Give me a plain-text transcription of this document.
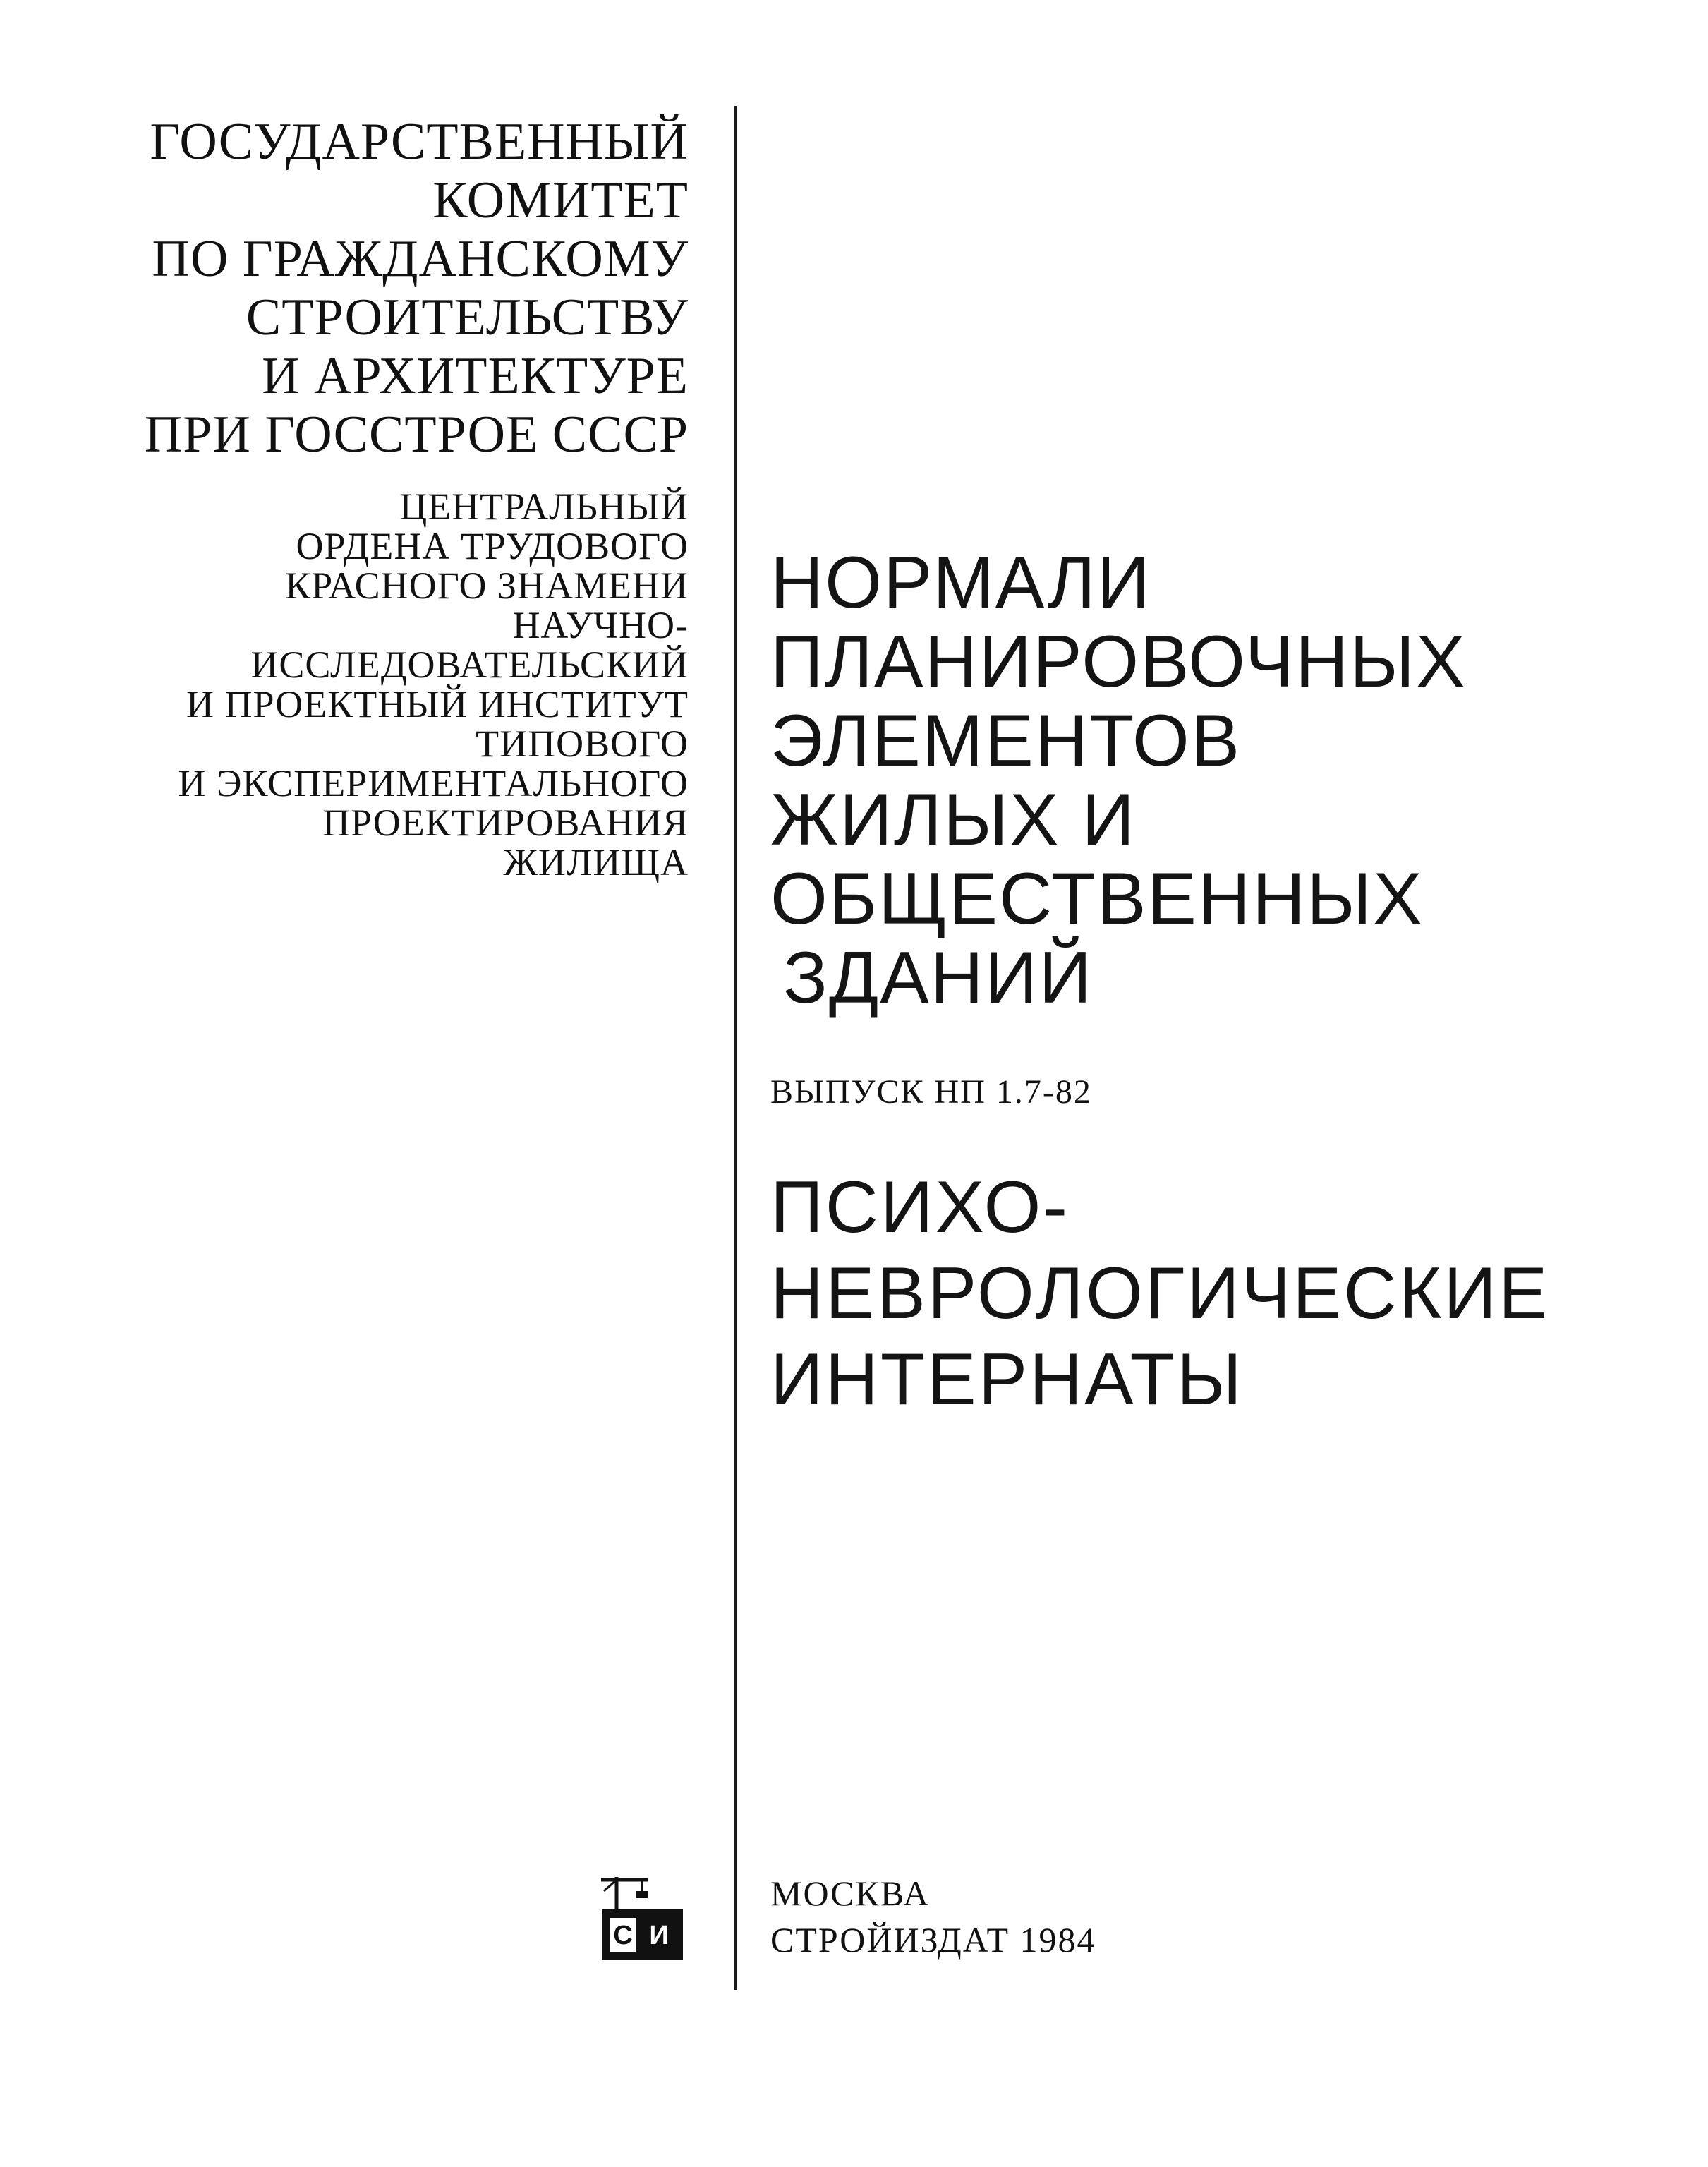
ГОСУДАРСТВЕННЫЙ
КОМИТЕТ
ПО ГРАЖДАНСКОМУ
СТРОИТЕЛЬСТВУ
И АРХИТЕКТУРЕ
ПРИ ГОССТРОЕ СССР
ЦЕНТРАЛЬНЫЙ
ОРДЕНА ТРУДОВОГО
КРАСНОГО ЗНАМЕНИ
НАУЧНО-
ИССЛЕДОВАТЕЛЬСКИЙ
И ПРОЕКТНЫЙ ИНСТИТУТ
ТИПОВОГО
И ЭКСПЕРИМЕНТАЛЬНОГО
ПРОЕКТИРОВАНИЯ
ЖИЛИЩА
НОРМАЛИ
ПЛАНИРОВОЧНЫХ
ЭЛЕМЕНТОВ
ЖИЛЫХ И
ОБЩЕСТВЕННЫХ
ЗДАНИЙ
ВЫПУСК НП 1.7-82
ПСИХО-
НЕВРОЛОГИЧЕСКИЕ
ИНТЕРНАТЫ
С И
МОСКВА
СТРОЙИЗДАТ 1984
